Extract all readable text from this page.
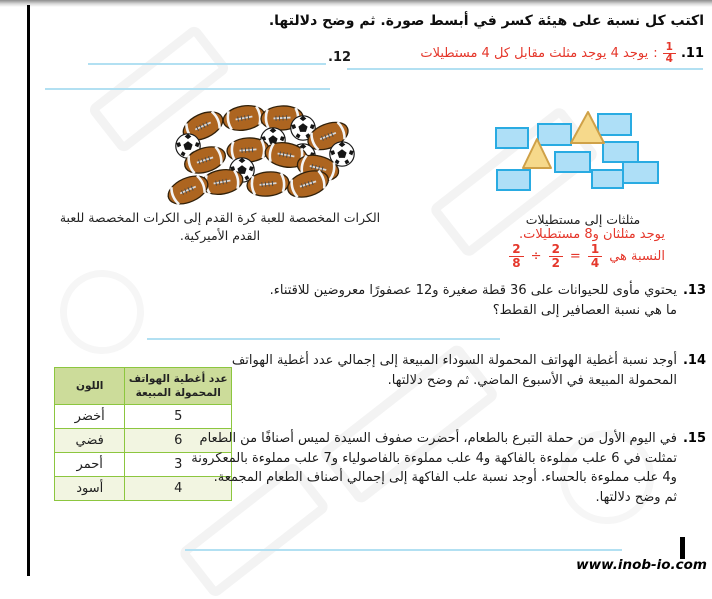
اكتب كل نسبة على هيئة كسر في أبسط صورة. ثم وضح دلالتها.
11.
$\frac{1}{4}$
:
يوجد 4 يوجد مثلث مقابل كل 4 مستطيلات
12.
الكرات المخصصة للعبة كرة القدم إلى الكرات المخصصة للعبة القدم الأميركية.
مثلثات إلى مستطيلات
يوجد مثلثان و8 مستطيلات.
النسبة هي
$\frac{1}{4}$
=
$\frac{2}{2}$
÷
$\frac{2}{8}$
13.
يحتوي مأوى للحيوانات على 36 قطة صغيرة و12 عصفورًا معروضين للاقتناء.
ما هي نسبة العصافير إلى القطط؟
14.
أوجد نسبة أغطية الهواتف المحمولة السوداء المبيعة إلى إجمالي عدد أغطية الهواتف
المحمولة المبيعة في الأسبوع الماضي. ثم وضح دلالتها.
عدد أغطية الهواتف المحمولة المبيعة	اللون
5	أخضر
6	فضي
3	أحمر
4	أسود
15.
في اليوم الأول من حملة التبرع بالطعام، أحضرت صفوف السيدة لميس أصنافًا من الطعام
تمثلت في 6 علب مملوءة بالفاكهة و4 علب مملوءة بالفاصولياء و7 علب مملوءة بالمعكرونة
و4 علب مملوءة بالحساء. أوجد نسبة علب الفاكهة إلى إجمالي أصناف الطعام المجمعة.
ثم وضح دلالتها.
www.inob-io.com
